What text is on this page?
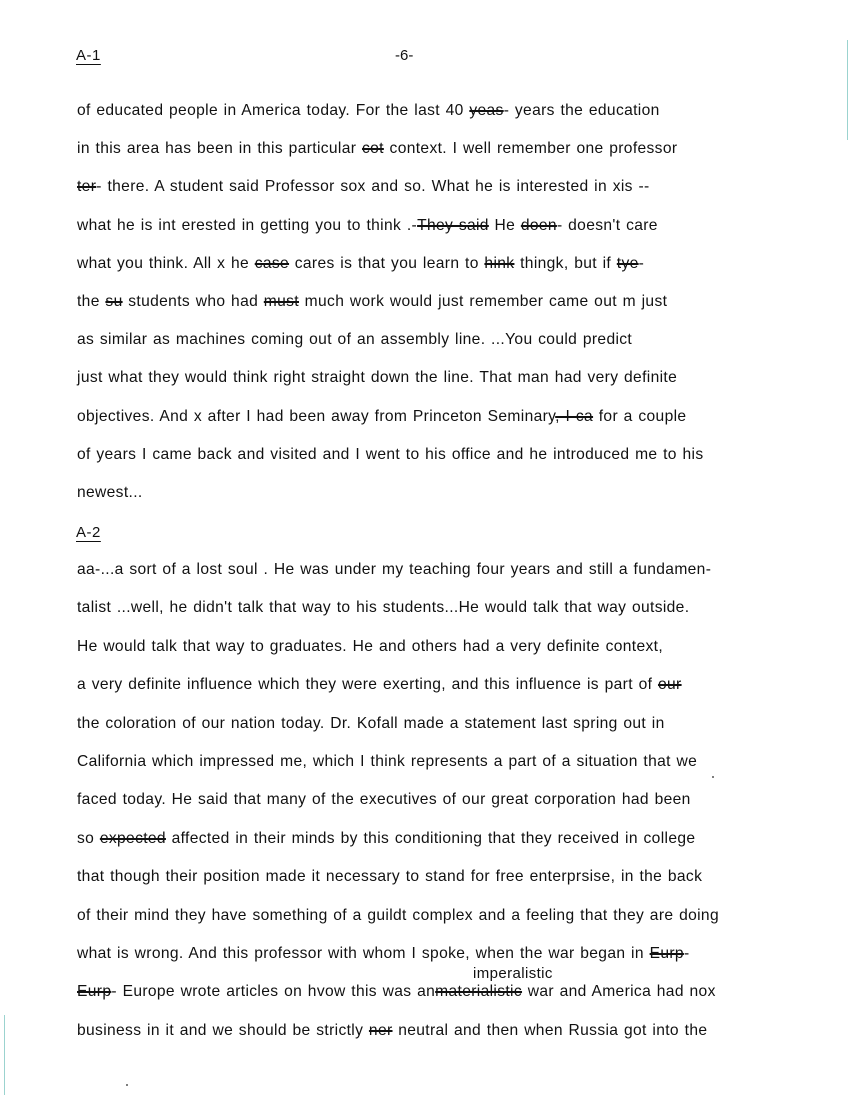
A-1	-6-
of educated people in America today. For the last 40 yeas- years the education
in this area has been in this particular cot context. I well remember one professor
ter- there. A student said Professor sox and so. What he is interested in xis --
what he is int erested in getting you to think .-They said He doen- doesn't care
what you think. All x he case cares is that you learn to hink thingk, but if tye-
the su students who had must much work would just remember came out m just
as similar as machines coming out of an assembly line. ...You could predict
just what they would think right straight down the line. That man had very definite
objectives. And x after I had been away from Princeton Seminary, I ca for a couple
of years I came back and visited and I went to his office and he introduced me to his
newest...
A-2
imperalistic
aa-...a sort of a lost soul . He was under my teaching four years and still a fundamen-
talist ...well, he didn't talk that way to his students...He would talk that way outside.
He would talk that way to graduates. He and others had a very definite context,
a very definite influence which they were exerting, and this influence is part of our
the coloration of our nation today. Dr. Kofall made a statement last spring out in
California which impressed me, which I think represents a part of a situation that we
faced today. He said that many of the executives of our great corporation had been
so expected affected in their minds by this conditioning that they received in college
that though their position made it necessary to stand for free enterprsise, in the back
of their mind they have something of a guildt complex and a feeling that they are doing
what is wrong. And this professor with whom I spoke, when the war began in Eurp-
Eurp- Europe wrote articles on hvow this was anmaterialistic war and America had nox
business in it and we should be strictly ner neutral and then when Russia got into the
